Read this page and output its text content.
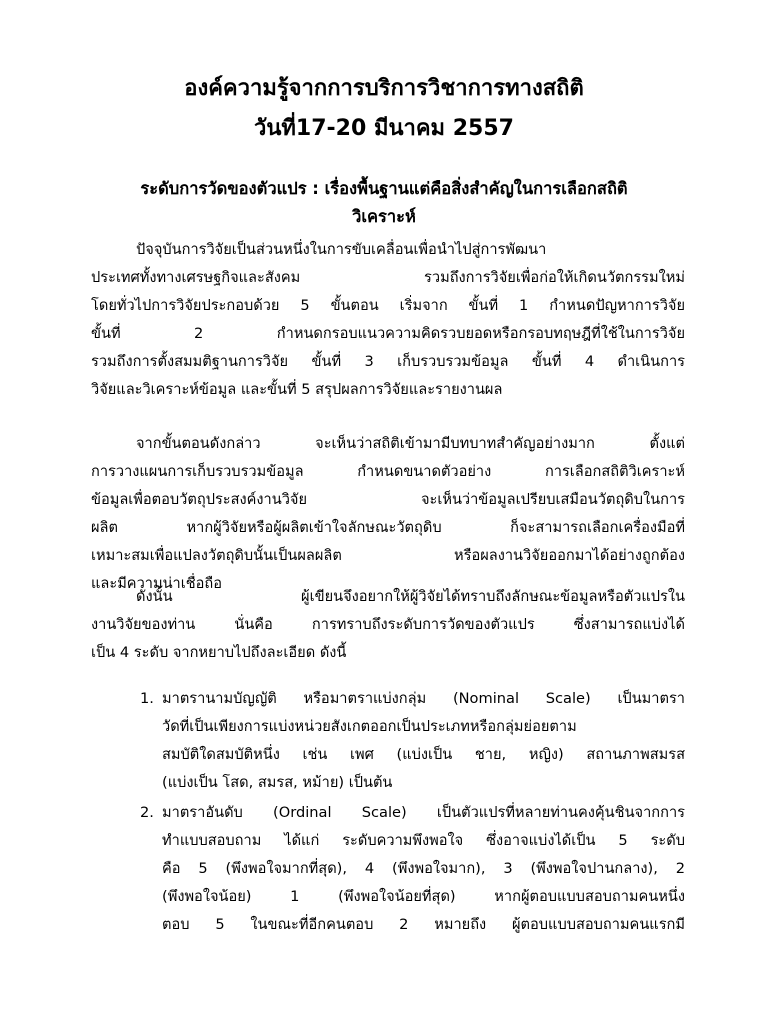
องค์ความรู้จากการบริการวิชาการทางสถิติ
วันที่17-20 มีนาคม 2557
ระดับการวัดของตัวแปร : เรื่องพื้นฐานแต่คือสิ่งสำคัญในการเลือกสถิติ
วิเคราะห์
ปัจจุบันการวิจัยเป็นส่วนหนึ่งในการขับเคลื่อนเพื่อนำไปสู่การพัฒนา
ประเทศทั้งทางเศรษฐกิจและสังคม รวมถึงการวิจัยเพื่อก่อให้เกิดนวัตกรรมใหม่
โดยทั่วไปการวิจัยประกอบด้วย 5 ขั้นตอน เริ่มจาก ขั้นที่ 1 กำหนดปัญหาการวิจัย
ขั้นที่ 2 กำหนดกรอบแนวความคิดรวบยอดหรือกรอบทฤษฎีที่ใช้ในการวิจัย
รวมถึงการตั้งสมมติฐานการวิจัย ขั้นที่ 3 เก็บรวบรวมข้อมูล ขั้นที่ 4 ดำเนินการ
วิจัยและวิเคราะห์ข้อมูล และขั้นที่ 5 สรุปผลการวิจัยและรายงานผล
จากขั้นตอนดังกล่าว จะเห็นว่าสถิติเข้ามามีบทบาทสำคัญอย่างมาก ตั้งแต่
การวางแผนการเก็บรวบรวมข้อมูล กำหนดขนาดตัวอย่าง การเลือกสถิติวิเคราะห์
ข้อมูลเพื่อตอบวัตถุประสงค์งานวิจัย จะเห็นว่าข้อมูลเปรียบเสมือนวัตถุดิบในการ
ผลิต หากผู้วิจัยหรือผู้ผลิตเข้าใจลักษณะวัตถุดิบ ก็จะสามารถเลือกเครื่องมือที่
เหมาะสมเพื่อแปลงวัตถุดิบนั้นเป็นผลผลิต หรือผลงานวิจัยออกมาได้อย่างถูกต้อง
และมีความน่าเชื่อถือ
ดังนั้น ผู้เขียนจึงอยากให้ผู้วิจัยได้ทราบถึงลักษณะข้อมูลหรือตัวแปรใน
งานวิจัยของท่าน นั่นคือ การทราบถึงระดับการวัดของตัวแปร ซึ่งสามารถแบ่งได้
เป็น 4 ระดับ จากหยาบไปถึงละเอียด ดังนี้
1. มาตรานามบัญญัติ หรือมาตราแบ่งกลุ่ม (Nominal Scale) เป็นมาตรา
วัดที่เป็นเพียงการแบ่งหน่วยสังเกตออกเป็นประเภทหรือกลุ่มย่อยตาม
สมบัติใดสมบัติหนึ่ง เช่น เพศ (แบ่งเป็น ชาย, หญิง) สถานภาพสมรส
(แบ่งเป็น โสด, สมรส, หม้าย) เป็นต้น
2. มาตราอันดับ (Ordinal Scale) เป็นตัวแปรที่หลายท่านคงคุ้นชินจากการ
ทำแบบสอบถาม ได้แก่ ระดับความพึงพอใจ ซึ่งอาจแบ่งได้เป็น 5 ระดับ
คือ 5 (พึงพอใจมากที่สุด), 4 (พึงพอใจมาก), 3 (พึงพอใจปานกลาง), 2
(พึงพอใจน้อย) 1 (พึงพอใจน้อยที่สุด) หากผู้ตอบแบบสอบถามคนหนึ่ง
ตอบ 5 ในขณะที่อีกคนตอบ 2 หมายถึง ผู้ตอบแบบสอบถามคนแรกมี
